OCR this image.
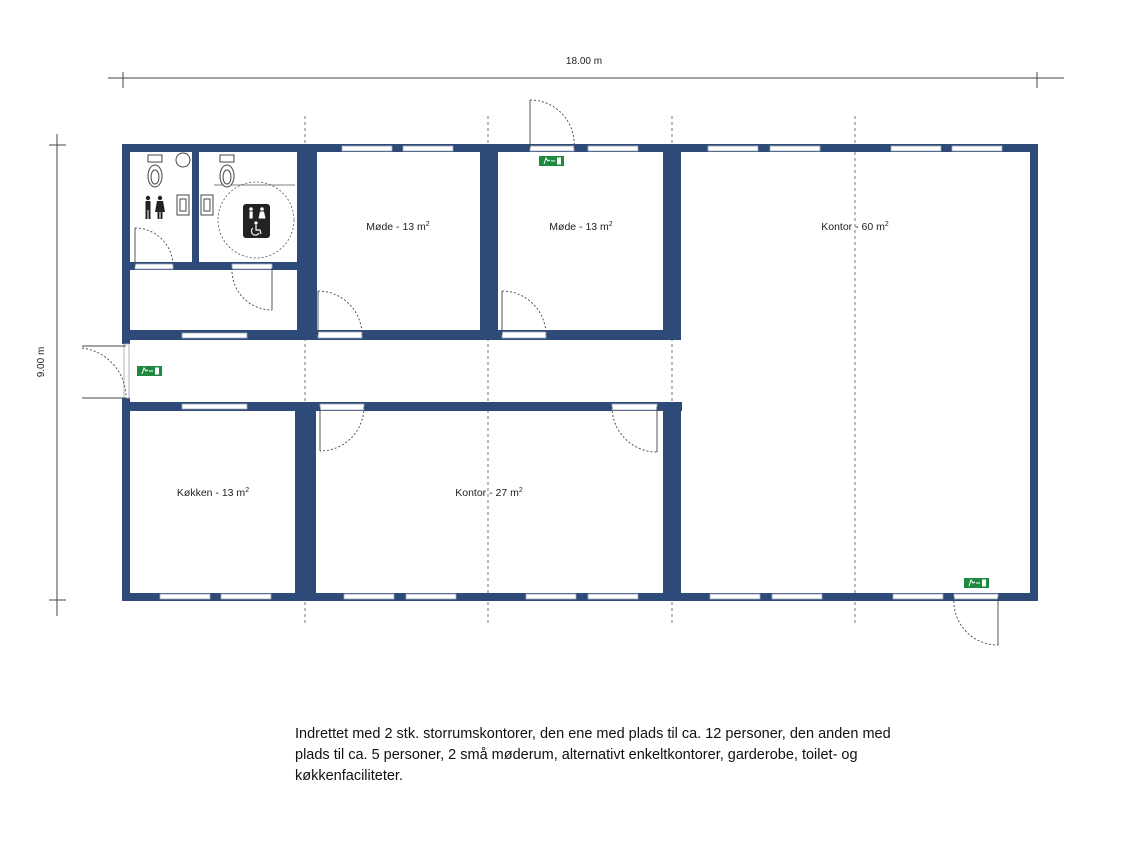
18.00 m
9.00 m
Møde - 13 $m^2$	Møde - 13 $m^2$	Kontor - 60 $m^2$
Køkken - 13 $m^2$	Kontor - 27 $m^2$

Indrettet med 2 stk. storrumskontorer, den ene med plads til ca. 12 personer, den anden med plads til ca. 5 personer, 2 små møderum, alternativt enkeltkontorer, garderobe, toilet- og køkkenfaciliteter.
